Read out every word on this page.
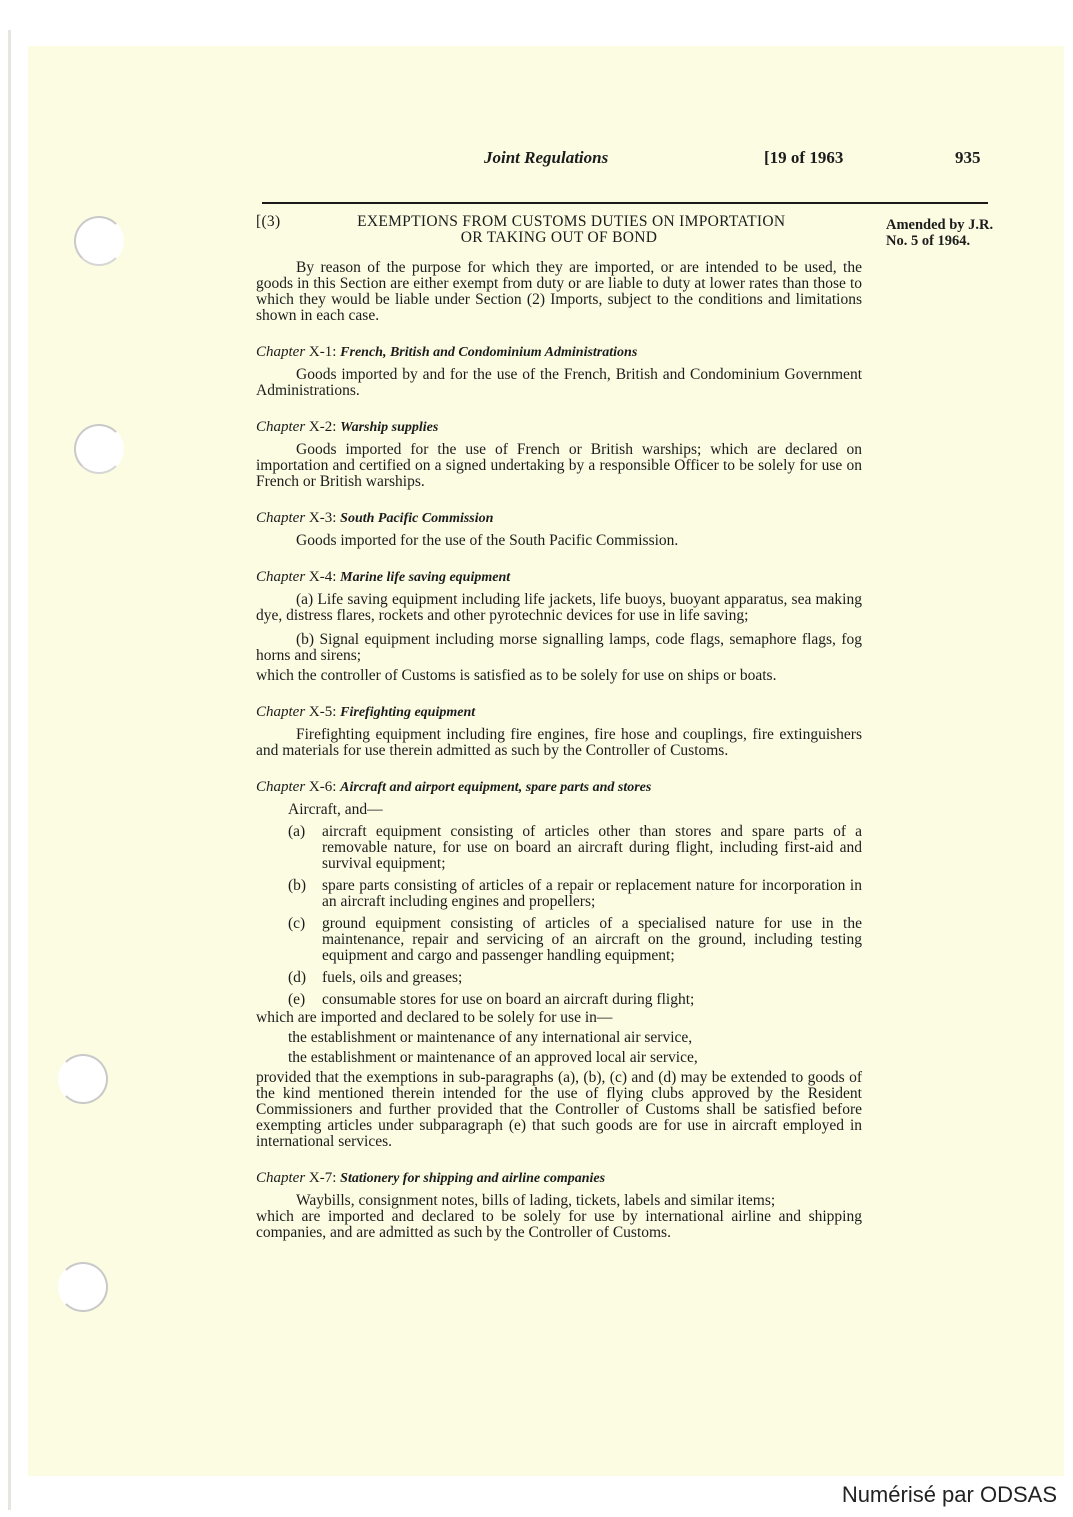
Joint Regulations	[19 of 1963	935
Amended by J.R. No. 5 of 1964.
[(3)	EXEMPTIONS FROM CUSTOMS DUTIES ON IMPORTATION
OR TAKING OUT OF BOND

By reason of the purpose for which they are imported, or are intended to be used, the goods in this Section are either exempt from duty or are liable to duty at lower rates than those to which they would be liable under Section (2) Imports, subject to the conditions and limitations shown in each case.

Chapter X-1: French, British and Condominium Administrations

Goods imported by and for the use of the French, British and Condominium Government Administrations.

Chapter X-2: Warship supplies

Goods imported for the use of French or British warships; which are declared on importation and certified on a signed undertaking by a responsible Officer to be solely for use on French or British warships.

Chapter X-3: South Pacific Commission

Goods imported for the use of the South Pacific Commission.

Chapter X-4: Marine life saving equipment

(a) Life saving equipment including life jackets, life buoys, buoyant apparatus, sea making dye, distress flares, rockets and other pyrotechnic devices for use in life saving;

(b) Signal equipment including morse signalling lamps, code flags, semaphore flags, fog horns and sirens;

which the controller of Customs is satisfied as to be solely for use on ships or boats.

Chapter X-5: Firefighting equipment

Firefighting equipment including fire engines, fire hose and couplings, fire extinguishers and materials for use therein admitted as such by the Controller of Customs.

Chapter X-6: Aircraft and airport equipment, spare parts and stores

Aircraft, and—

(a) aircraft equipment consisting of articles other than stores and spare parts of a removable nature, for use on board an aircraft during flight, including first-aid and survival equipment;
(b) spare parts consisting of articles of a repair or replacement nature for incorporation in an aircraft including engines and propellers;
(c) ground equipment consisting of articles of a specialised nature for use in the maintenance, repair and servicing of an aircraft on the ground, including testing equipment and cargo and passenger handling equipment;
(d) fuels, oils and greases;
(e) consumable stores for use on board an aircraft during flight;

which are imported and declared to be solely for use in—

the establishment or maintenance of any international air service,

the establishment or maintenance of an approved local air service,

provided that the exemptions in sub-paragraphs (a), (b), (c) and (d) may be extended to goods of the kind mentioned therein intended for the use of flying clubs approved by the Resident Commissioners and further provided that the Controller of Customs shall be satisfied before exempting articles under subparagraph (e) that such goods are for use in aircraft employed in international services.

Chapter X-7: Stationery for shipping and airline companies

Waybills, consignment notes, bills of lading, tickets, labels and similar items;

which are imported and declared to be solely for use by international airline and shipping companies, and are admitted as such by the Controller of Customs.

Numérisé par ODSAS
